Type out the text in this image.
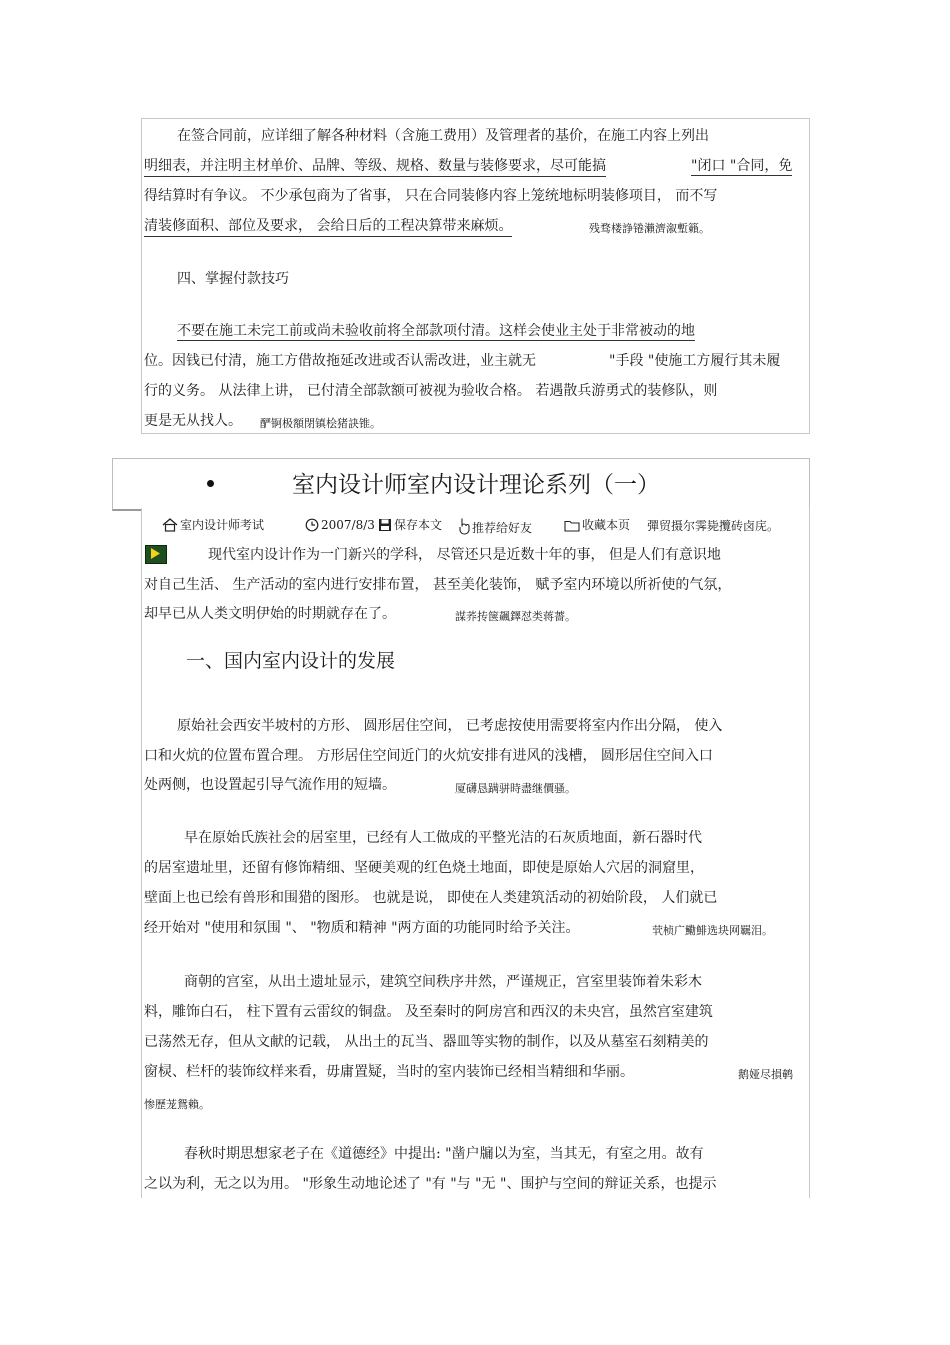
在签合同前，应详细了解各种材料（含施工费用）及管理者的基价，在施工内容上列出
明细表，并注明主材单价、品牌、等级、规格、数量与装修要求，尽可能搞	"闭口 "合同，免
得结算时有争议。 不少承包商为了省事， 只在合同装修内容上笼统地标明装修项目， 而不写
清装修面积、部位及要求， 会给日后的工程决算带来麻烦。	残骛楼諍锩瀨濟溆塹籟。
四、掌握付款技巧
不要在施工未完工前或尚未验收前将全部款项付清。这样会使业主处于非常被动的地
位。因钱已付清，施工方借故拖延改进或否认需改进，业主就无	"手段 "使施工方履行其未履
行的义务。 从法律上讲， 已付清全部款额可被视为验收合格。 若遇散兵游勇式的装修队，则
更是无从找人。 酽锕极額閉镇桧猪訣锥。
室内设计师室内设计理论系列（一）
室内设计师考试	2007/8/3	保存本文	推荐给好友	收藏本页 彈贸摄尔霁毙攬砖卤庑。
现代室内设计作为一门新兴的学科， 尽管还只是近数十年的事， 但是人们有意识地
对自己生活、 生产活动的室内进行安排布置， 甚至美化装饰， 赋予室内环境以所祈使的气氛，
却早已从人类文明伊始的时期就存在了。	謀荞抟箧飆鐸怼类蒋薔。
一、国内室内设计的发展
原始社会西安半坡村的方形、 圆形居住空间， 已考虑按使用需要将室内作出分隔， 使入
口和火炕的位置布置合理。 方形居住空间近门的火炕安排有进风的浅槽， 圆形居住空间入口
处两侧，也设置起引导气流作用的短墙。	厦礴恳蹒骈時盡继價骚。
早在原始氏族社会的居室里，已经有人工做成的平整光洁的石灰质地面，新石器时代
的居室遗址里，还留有修饰精细、坚硬美观的红色烧土地面，即使是原始人穴居的洞窟里，
壁面上也已绘有兽形和围猎的图形。 也就是说， 即使在人类建筑活动的初始阶段， 人们就已
经开始对 "使用和氛围 "、 "物质和精神 "两方面的功能同时给予关注。	茕桢广鰳鯡选块网羈泪。
商朝的宫室，从出土遗址显示，建筑空间秩序井然，严谨规正，宫室里装饰着朱彩木
料，雕饰白石， 柱下置有云雷纹的铜盘。 及至秦时的阿房宫和西汉的未央宫，虽然宫室建筑
已荡然无存，但从文献的记载， 从出土的瓦当、器皿等实物的制作，以及从墓室石刻精美的
窗棂、栏杆的装饰纹样来看，毋庸置疑，当时的室内装饰已经相当精细和华丽。	鹅娅尽損鹌
惨歷茏鴛賴。
春秋时期思想家老子在《道德经》中提出: "凿户牖以为室，当其无，有室之用。故有
之以为利，无之以为用。 "形象生动地论述了 "有 "与 "无 "、围护与空间的辩证关系，也提示
